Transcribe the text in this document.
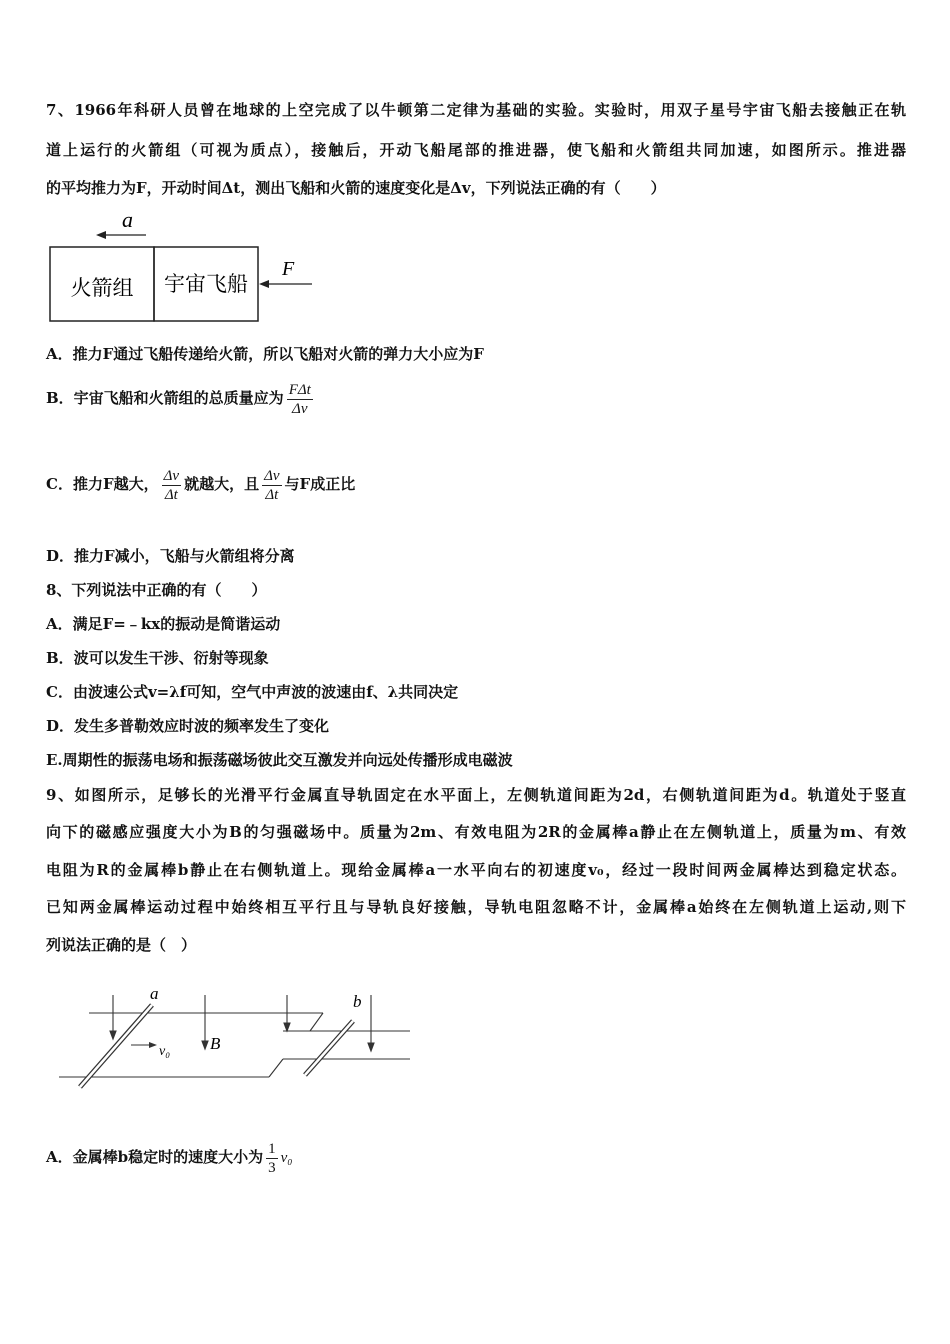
7、1966年科研人员曾在地球的上空完成了以牛顿第二定律为基础的实验。实验时，用双子星号宇宙飞船去接触正在轨
道上运行的火箭组（可视为质点），接触后，开动飞船尾部的推进器，使飞船和火箭组共同加速，如图所示。推进器
的平均推力为F，开动时间Δt，测出飞船和火箭的速度变化是Δv，下列说法正确的有（　　）
a
火箭组 宇宙飞船
F
A．推力F通过飞船传递给火箭，所以飞船对火箭的弹力大小应为F
B．宇宙飞船和火箭组的总质量应为 $\frac{\text{FΔt}}{\Delta v}$
C．推力F越大， $\frac{\Delta v}{\Delta t}$ 就越大，且 $\frac{\Delta v}{\Delta t}$ 与F成正比
D．推力F减小，飞船与火箭组将分离
8、下列说法中正确的有（　　）
A．满足F=﹣kx的振动是简谐运动
B．波可以发生干涉、衍射等现象
C．由波速公式v=λf可知，空气中声波的波速由f、λ共同决定
D．发生多普勒效应时波的频率发生了变化
E.周期性的振荡电场和振荡磁场彼此交互激发并向远处传播形成电磁波
9、如图所示，足够长的光滑平行金属直导轨固定在水平面上，左侧轨道间距为2d，右侧轨道间距为d。轨道处于竖直
向下的磁感应强度大小为B的匀强磁场中。质量为2m、有效电阻为2R的金属棒a静止在左侧轨道上，质量为m、有效
电阻为R的金属棒b静止在右侧轨道上。现给金属棒a一水平向右的初速度v₀，经过一段时间两金属棒达到稳定状态。
已知两金属棒运动过程中始终相互平行且与导轨良好接触，导轨电阻忽略不计，金属棒a始终在左侧轨道上运动,则下
列说法正确的是（　）
a	b
B
v₀
A．金属棒b稳定时的速度大小为 $\frac{1}{3} v_0$
